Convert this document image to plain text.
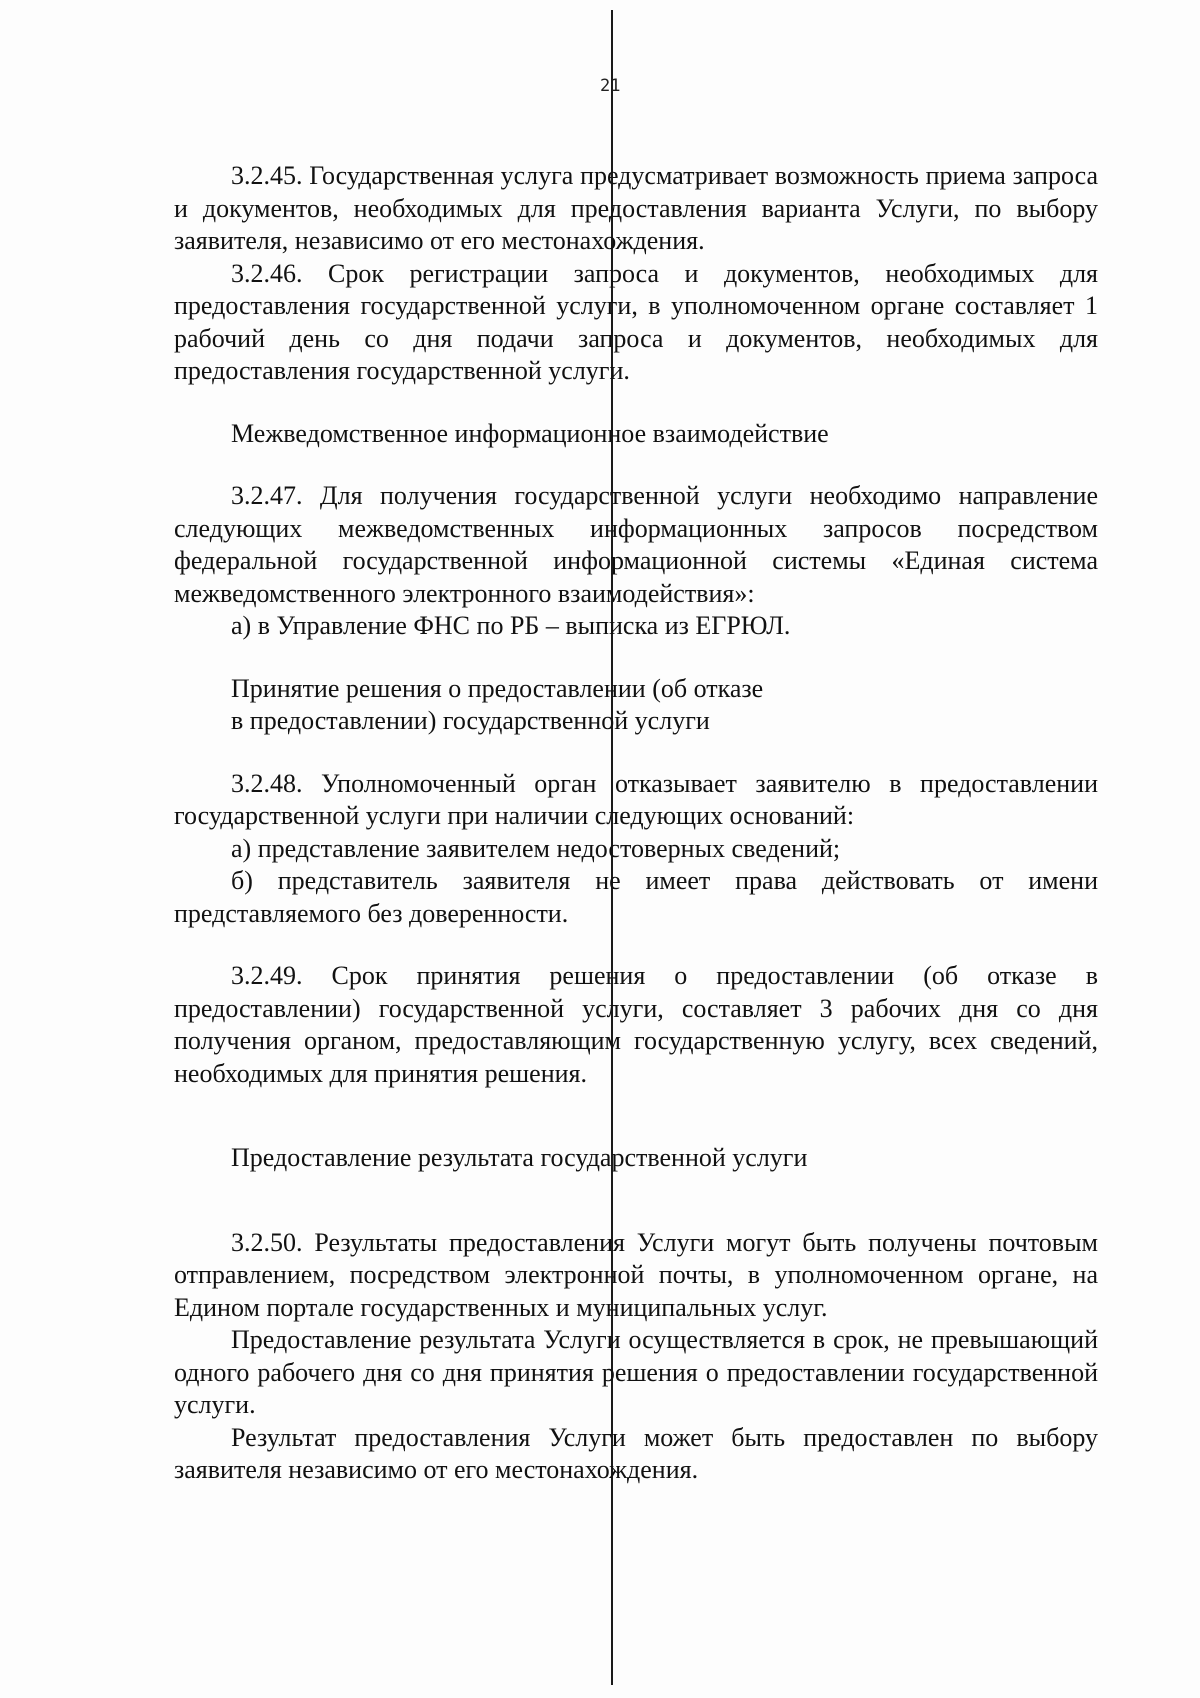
21

3.2.45. Государственная услуга предусматривает возможность приема запроса и документов, необходимых для предоставления варианта Услуги, по выбору заявителя, независимо от его местонахождения.

3.2.46. Срок регистрации запроса и документов, необходимых для предоставления государственной услуги, в уполномоченном органе составляет 1 рабочий день со дня подачи запроса и документов, необходимых для предоставления государственной услуги.

Межведомственное информационное взаимодействие

3.2.47. Для получения государственной услуги необходимо направление следующих межведомственных информационных запросов посредством федеральной государственной информационной системы «Единая система межведомственного электронного взаимодействия»:

а) в Управление ФНС по РБ – выписка из ЕГРЮЛ.

Принятие решения о предоставлении (об отказе

в предоставлении) государственной услуги

3.2.48. Уполномоченный орган отказывает заявителю в предоставлении государственной услуги при наличии следующих оснований:

а) представление заявителем недостоверных сведений;

б) представитель заявителя не имеет права действовать от имени представляемого без доверенности.

3.2.49. Срок принятия решения о предоставлении (об отказе в предоставлении) государственной услуги, составляет 3 рабочих дня со дня получения органом, предоставляющим государственную услугу, всех сведений, необходимых для принятия решения.

Предоставление результата государственной услуги

3.2.50. Результаты предоставления Услуги могут быть получены почтовым отправлением, посредством электронной почты, в уполномоченном органе, на Едином портале государственных и муниципальных услуг.

Предоставление результата Услуги осуществляется в срок, не превышающий одного рабочего дня со дня принятия решения о предоставлении государственной услуги.

Результат предоставления Услуги может быть предоставлен по выбору заявителя независимо от его местонахождения.
